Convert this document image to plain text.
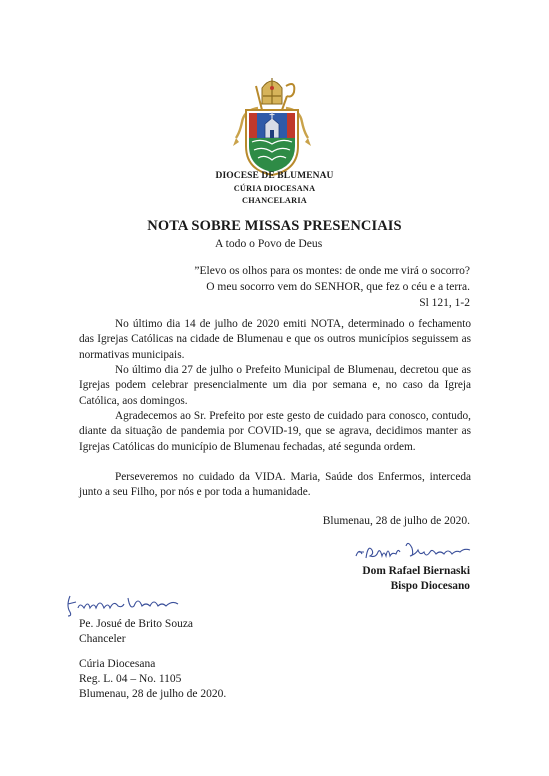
DIOCESE DE BLUMENAU
CÚRIA DIOCESANA
CHANCELARIA
NOTA SOBRE MISSAS PRESENCIAIS
A todo o Povo de Deus
”Elevo os olhos para os montes: de onde me virá o socorro?
O meu socorro vem do SENHOR, que fez o céu e a terra.
Sl 121, 1-2

No último dia 14 de julho de 2020 emiti NOTA, determinado o fechamento das Igrejas Católicas na cidade de Blumenau e que os outros municípios seguissem as normativas municipais.

No último dia 27 de julho o Prefeito Municipal de Blumenau, decretou que as Igrejas podem celebrar presencialmente um dia por semana e, no caso da Igreja Católica, aos domingos.

Agradecemos ao Sr. Prefeito por este gesto de cuidado para conosco, contudo, diante da situação de pandemia por COVID-19, que se agrava, decidimos manter as Igrejas Católicas do município de Blumenau fechadas, até segunda ordem.

Perseveremos no cuidado da VIDA. Maria, Saúde dos Enfermos, interceda junto a seu Filho, por nós e por toda a humanidade.

Blumenau, 28 de julho de 2020.
Dom Rafael Biernaski
Bispo Diocesano
Pe. Josué de Brito Souza
Chanceler
Cúria Diocesana
Reg. L. 04 – No. 1105
Blumenau, 28 de julho de 2020.
